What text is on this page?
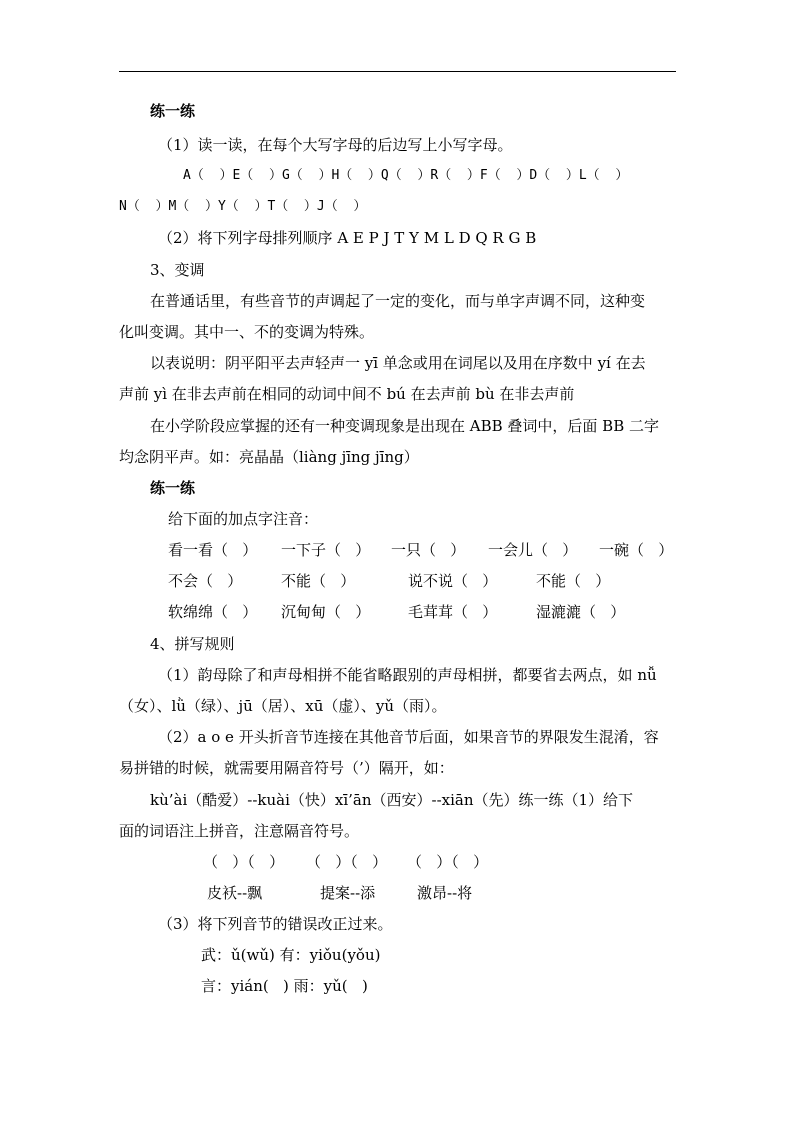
练一练
（1）读一读，在每个大写字母的后边写上小写字母。
A（  ）E（  ）G（  ）H（  ）Q（  ）R（  ）F（  ）D（  ）L（  ）
N（  ）M（  ）Y（  ）T（  ）J（  ）
（2）将下列字母排列顺序 A E P J T Y M L D Q R G B
3、变调
在普通话里，有些音节的声调起了一定的变化，而与单字声调不同，这种变
化叫变调。其中一、不的变调为特殊。
以表说明：阴平阳平去声轻声一 yī 单念或用在词尾以及用在序数中 yí 在去
声前 yì 在非去声前在相同的动词中间不 bú 在去声前 bù 在非去声前
在小学阶段应掌握的还有一种变调现象是出现在 ABB 叠词中，后面 BB 二字
均念阴平声。如：亮晶晶（liàng jīng jīng）
练一练
给下面的加点字注音：
看一看（   ） 一下子（   ） 一只（   ） 一会儿（   ） 一碗（   ）
不会（   ）	不能（   ）	说不说（   ）	不能（   ）
软绵绵（   ） 沉甸甸（   ）	毛茸茸（   ）	湿漉漉（   ）
4、拼写规则
（1）韵母除了和声母相拼不能省略跟别的声母相拼，都要省去两点，如 nǚ
（女）、lǜ（绿）、jū（居）、xū（虚）、yǔ（雨）。
（2）a o e 开头折音节连接在其他音节后面，如果音节的界限发生混淆，容
易拼错的时候，就需要用隔音符号（’）隔开，如：
kù’ài（酷爱）--kuài（快）xī’ān（西安）--xiān（先）练一练（1）给下
面的词语注上拼音，注意隔音符号。
（   ）（   ） （   ）（   ） （   ）（   ）
皮袄--飘	提案--添	激昂--将
（3）将下列音节的错误改正过来。
武：ǔ(wǔ) 有：yiǒu(yǒu)
言：yián(   ) 雨：yǔ(   )
